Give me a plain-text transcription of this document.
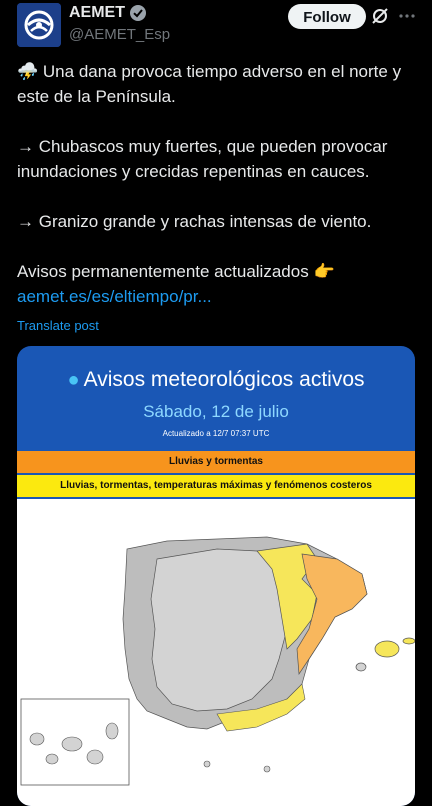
AEMET
@AEMET_Esp
Follow

⛈️ Una dana provoca tiempo adverso en el norte y este de la Península.

→ Chubascos muy fuertes, que pueden provocar inundaciones y crecidas repentinas en cauces.

→ Granizo grande y rachas intensas de viento.

Avisos permanentemente actualizados 👉

aemet.es/es/eltiempo/pr...

Translate post
● Avisos meteorológicos activos
Sábado, 12 de julio
Actualizado a 12/7 07:37 UTC
Lluvias y tormentas
Lluvias, tormentas, temperaturas máximas y fenómenos costeros
